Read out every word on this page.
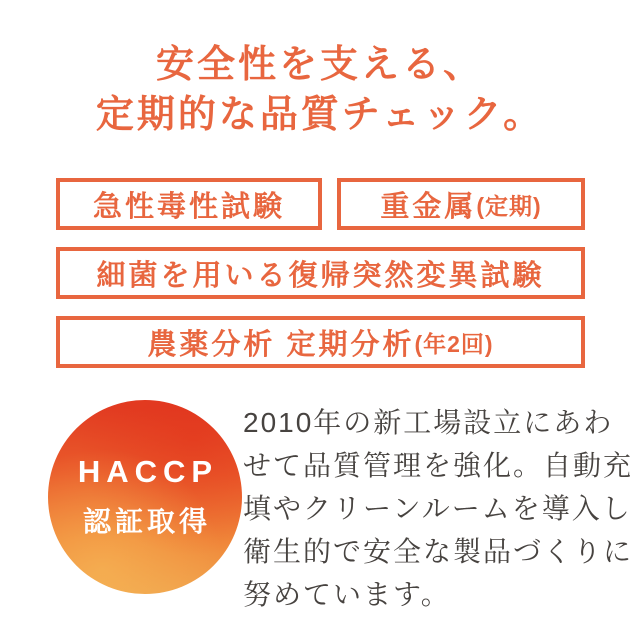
安全性を支える、
定期的な品質チェック。
急性毒性試験	重金属 (定期)
細菌を用いる復帰突然変異試験
農薬分析 定期分析 (年2回)
HACCP
認証取得
2010年の新工場設立にあわ
せて品質管理を強化。自動充
填やクリーンルームを導入し
衛生的で安全な製品づくりに
努めています。
